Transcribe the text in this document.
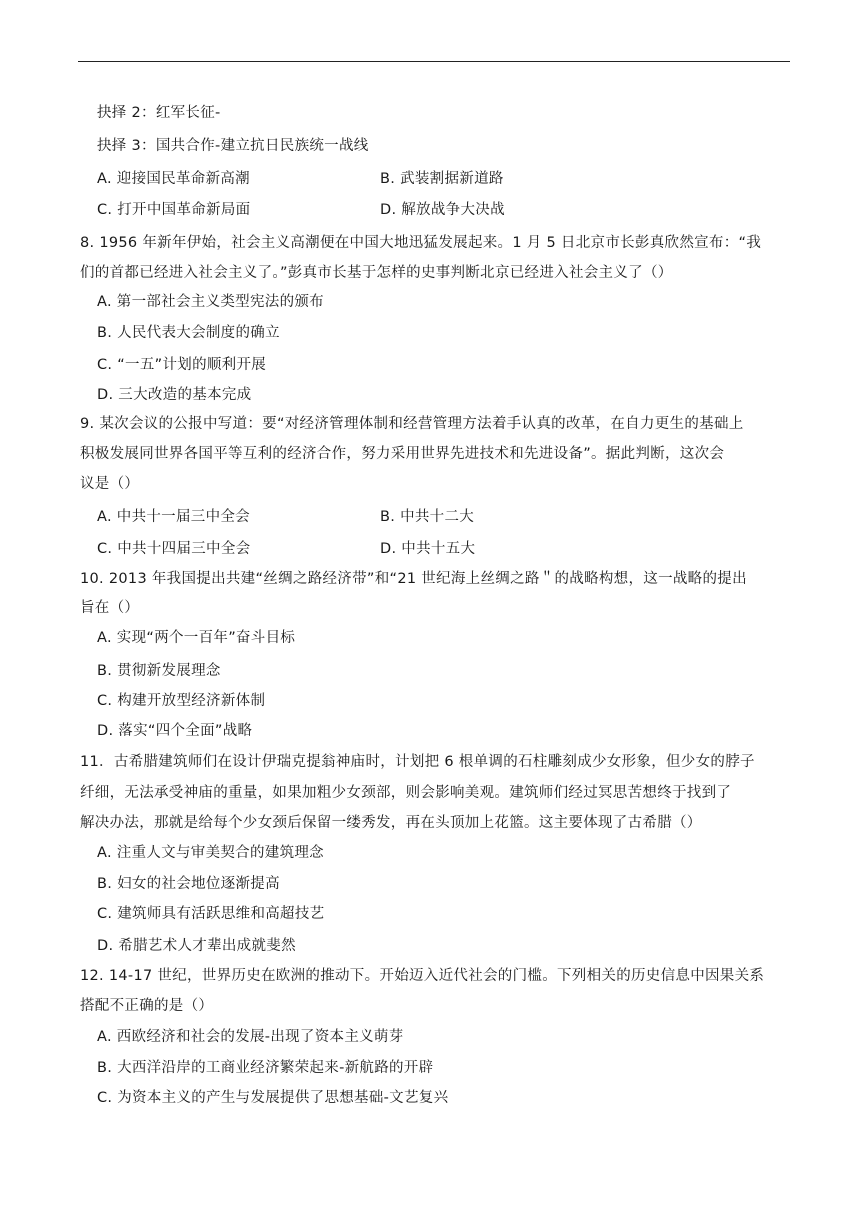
抉择 2：红军长征-
抉择 3：国共合作-建立抗日民族统一战线
A. 迎接国民革命新高潮	B. 武装割据新道路
C. 打开中国革命新局面	D. 解放战争大决战
8. 1956 年新年伊始，社会主义高潮便在中国大地迅猛发展起来。1 月 5 日北京市长彭真欣然宣布：“我
们的首都已经进入社会主义了。”彭真市长基于怎样的史事判断北京已经进入社会主义了（）
A. 第一部社会主义类型宪法的颁布
B. 人民代表大会制度的确立
C. “一五”计划的顺利开展
D. 三大改造的基本完成
9. 某次会议的公报中写道：要“对经济管理体制和经营管理方法着手认真的改革，在自力更生的基础上
积极发展同世界各国平等互利的经济合作，努力采用世界先进技术和先进设备”。据此判断，这次会
议是（）
A. 中共十一届三中全会	B. 中共十二大
C. 中共十四届三中全会	D. 中共十五大
10. 2013 年我国提出共建“丝绸之路经济带”和“21 世纪海上丝绸之路＂的战略构想，这一战略的提出
旨在（）
A. 实现“两个一百年”奋斗目标
B. 贯彻新发展理念
C. 构建开放型经济新体制
D. 落实“四个全面”战略
11．古希腊建筑师们在设计伊瑞克提翁神庙时，计划把 6 根单调的石柱雕刻成少女形象，但少女的脖子
纤细，无法承受神庙的重量，如果加粗少女颈部，则会影响美观。建筑师们经过冥思苦想终于找到了
解决办法，那就是给每个少女颈后保留一缕秀发，再在头顶加上花篮。这主要体现了古希腊（）
A. 注重人文与审美契合的建筑理念
B. 妇女的社会地位逐渐提高
C. 建筑师具有活跃思维和高超技艺
D. 希腊艺术人才辈出成就斐然
12. 14-17 世纪，世界历史在欧洲的推动下。开始迈入近代社会的门槛。下列相关的历史信息中因果关系
搭配不正确的是（）
A. 西欧经济和社会的发展-出现了资本主义萌芽
B. 大西洋沿岸的工商业经济繁荣起来-新航路的开辟
C. 为资本主义的产生与发展提供了思想基础-文艺复兴
